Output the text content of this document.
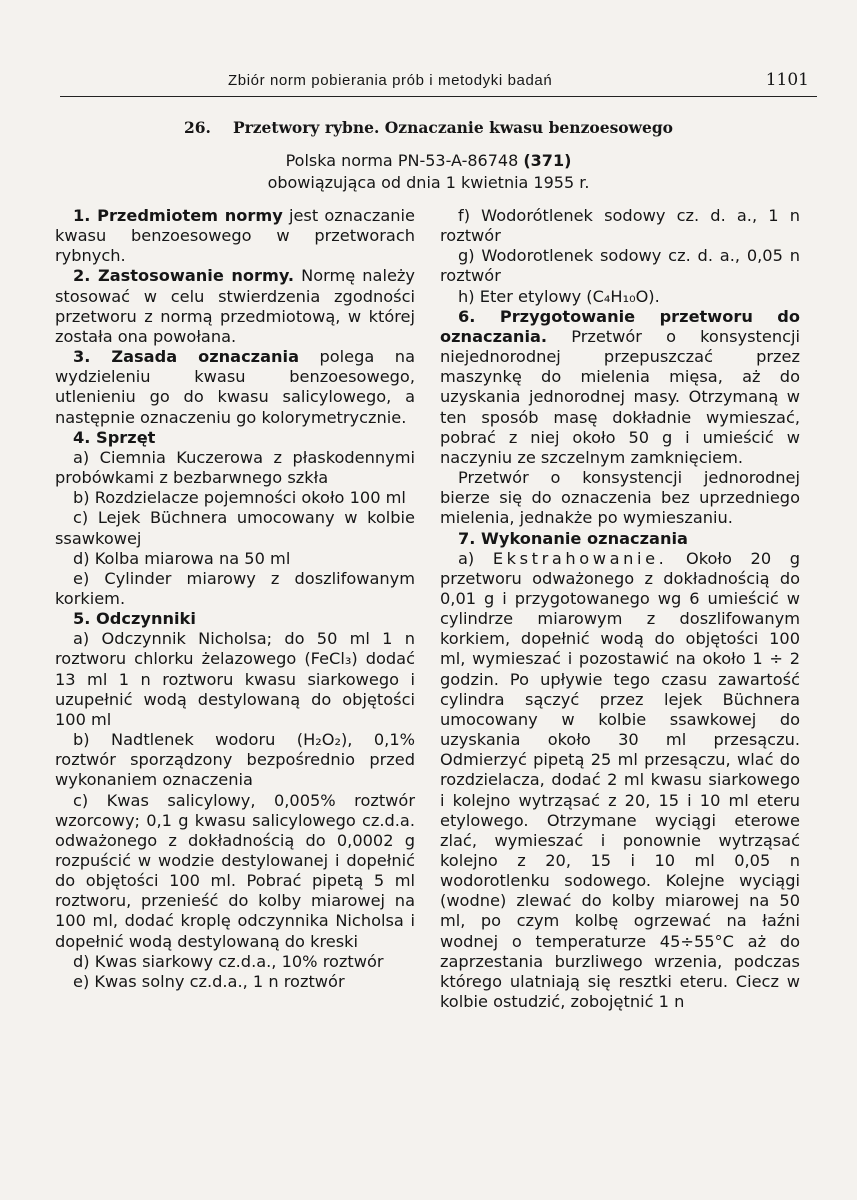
Zbiór norm pobierania prób i metodyki badań	1101
26. Przetwory rybne. Oznaczanie kwasu benzoesowego
Polska norma PN-53-A-86748 (371)
obowiązująca od dnia 1 kwietnia 1955 r.

1. Przedmiotem normy jest oznaczanie kwasu benzoesowego w przetworach rybnych.

2. Zastosowanie normy. Normę należy stosować w celu stwierdzenia zgodności przetworu z normą przedmiotową, w której została ona powołana.

3. Zasada oznaczania polega na wydzieleniu kwasu benzoesowego, utlenieniu go do kwasu salicylowego, a następnie oznaczeniu go kolorymetrycznie.

4. Sprzęt

a) Ciemnia Kuczerowa z płaskodennymi probówkami z bezbarwnego szkła

b) Rozdzielacze pojemności około 100 ml

c) Lejek Büchnera umocowany w kolbie ssawkowej

d) Kolba miarowa na 50 ml

e) Cylinder miarowy z doszlifowanym korkiem.

5. Odczynniki

a) Odczynnik Nicholsa; do 50 ml 1 n roztworu chlorku żelazowego (FeCl₃) dodać 13 ml 1 n roztworu kwasu siarkowego i uzupełnić wodą destylowaną do objętości 100 ml

b) Nadtlenek wodoru (H₂O₂), 0,1% roztwór sporządzony bezpośrednio przed wykonaniem oznaczenia

c) Kwas salicylowy, 0,005% roztwór wzorcowy; 0,1 g kwasu salicylowego cz.d.a. odważonego z dokładnością do 0,0002 g rozpuścić w wodzie destylowanej i dopełnić do objętości 100 ml. Pobrać pipetą 5 ml roztworu, przenieść do kolby miarowej na 100 ml, dodać kroplę odczynnika Nicholsa i dopełnić wodą destylowaną do kreski

d) Kwas siarkowy cz.d.a., 10% roztwór

e) Kwas solny cz.d.a., 1 n roztwór

f) Wodorótlenek sodowy cz. d. a., 1 n roztwór

g) Wodorotlenek sodowy cz. d. a., 0,05 n roztwór

h) Eter etylowy (C₄H₁₀O).

6. Przygotowanie przetworu do oznaczania. Przetwór o konsystencji niejednorodnej przepuszczać przez maszynkę do mielenia mięsa, aż do uzyskania jednorodnej masy. Otrzymaną w ten sposób masę dokładnie wymieszać, pobrać z niej około 50 g i umieścić w naczyniu ze szczelnym zamknięciem.

Przetwór o konsystencji jednorodnej bierze się do oznaczenia bez uprzedniego mielenia, jednakże po wymieszaniu.

7. Wykonanie oznaczania

a) Ekstrahowanie. Około 20 g przetworu odważonego z dokładnością do 0,01 g i przygotowanego wg 6 umieścić w cylindrze miarowym z doszlifowanym korkiem, dopełnić wodą do objętości 100 ml, wymieszać i pozostawić na około 1 ÷ 2 godzin. Po upływie tego czasu zawartość cylindra sączyć przez lejek Büchnera umocowany w kolbie ssawkowej do uzyskania około 30 ml przesączu. Odmierzyć pipetą 25 ml przesączu, wlać do rozdzielacza, dodać 2 ml kwasu siarkowego i kolejno wytrząsać z 20, 15 i 10 ml eteru etylowego. Otrzymane wyciągi eterowe zlać, wymieszać i ponownie wytrząsać kolejno z 20, 15 i 10 ml 0,05 n wodorotlenku sodowego. Kolejne wyciągi (wodne) zlewać do kolby miarowej na 50 ml, po czym kolbę ogrzewać na łaźni wodnej o temperaturze 45÷55°C aż do zaprzestania burzliwego wrzenia, podczas którego ulatniają się resztki eteru. Ciecz w kolbie ostudzić, zobojętnić 1 n
